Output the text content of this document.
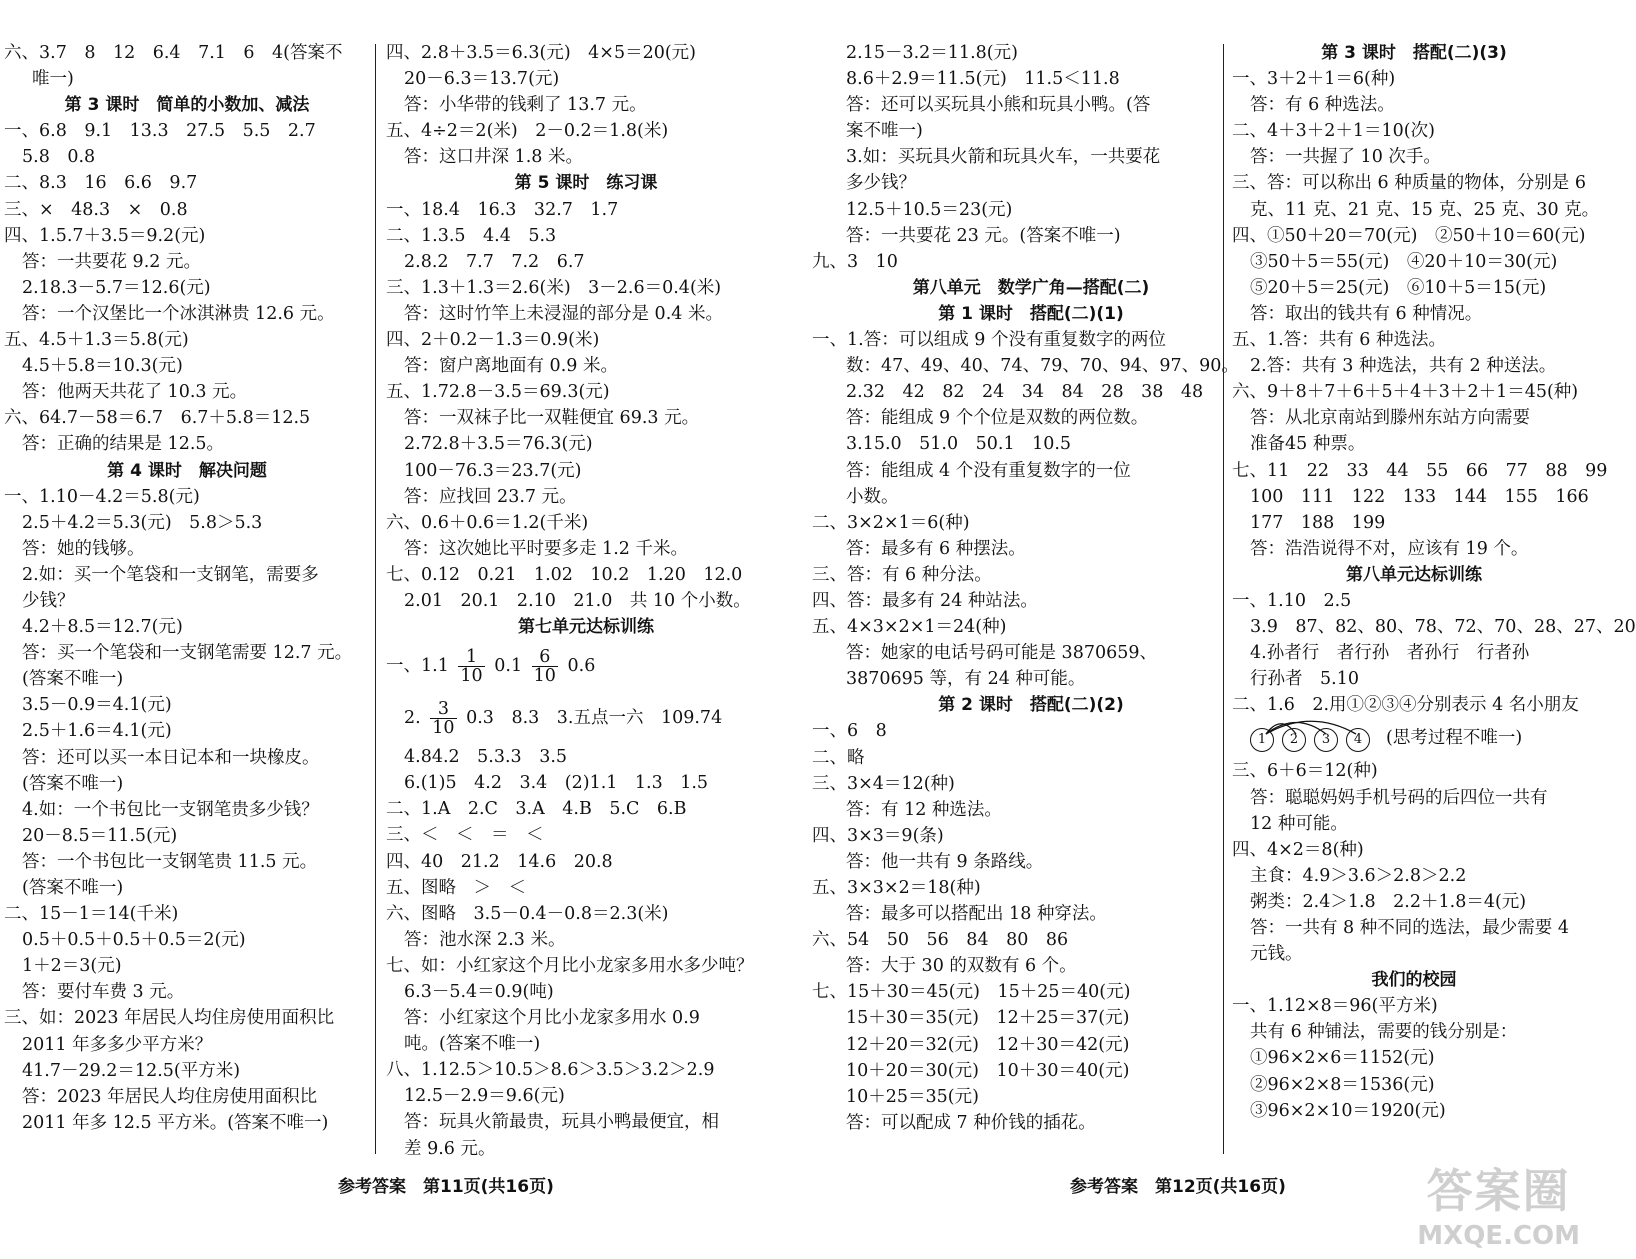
六、3.7　8　12　6.4　7.1　6　4(答案不
唯一)
第 3 课时　简单的小数加、减法
一、6.8　9.1　13.3　27.5　5.5　2.7
5.8　0.8
二、8.3　16　6.6　9.7
三、×　48.3　×　0.8
四、1.5.7＋3.5＝9.2(元)
答：一共要花 9.2 元。
2.18.3－5.7＝12.6(元)
答：一个汉堡比一个冰淇淋贵 12.6 元。
五、4.5＋1.3＝5.8(元)
4.5＋5.8＝10.3(元)
答：他两天共花了 10.3 元。
六、64.7－58＝6.7　6.7＋5.8＝12.5
答：正确的结果是 12.5。
第 4 课时　解决问题
一、1.10－4.2＝5.8(元)
2.5＋4.2＝5.3(元)　5.8＞5.3
答：她的钱够。
2.如：买一个笔袋和一支钢笔，需要多
少钱？
4.2＋8.5＝12.7(元)
答：买一个笔袋和一支钢笔需要 12.7 元。
(答案不唯一)
3.5－0.9＝4.1(元)
2.5＋1.6＝4.1(元)
答：还可以买一本日记本和一块橡皮。
(答案不唯一)
4.如：一个书包比一支钢笔贵多少钱？
20－8.5＝11.5(元)
答：一个书包比一支钢笔贵 11.5 元。
(答案不唯一)
二、15－1＝14(千米)
0.5＋0.5＋0.5＋0.5＝2(元)
1＋2＝3(元)
答：要付车费 3 元。
三、如：2023 年居民人均住房使用面积比
2011 年多多少平方米？
41.7－29.2＝12.5(平方米)
答：2023 年居民人均住房使用面积比
2011 年多 12.5 平方米。(答案不唯一)
四、2.8＋3.5＝6.3(元)　4×5＝20(元)
20－6.3＝13.7(元)
答：小华带的钱剩了 13.7 元。
五、4÷2＝2(米)　2－0.2＝1.8(米)
答：这口井深 1.8 米。
第 5 课时　练习课
一、18.4　16.3　32.7　1.7
二、1.3.5　4.4　5.3
2.8.2　7.7　7.2　6.7
三、1.3＋1.3＝2.6(米)　3－2.6＝0.4(米)
答：这时竹竿上未浸湿的部分是 0.4 米。
四、2＋0.2－1.3＝0.9(米)
答：窗户离地面有 0.9 米。
五、1.72.8－3.5＝69.3(元)
答：一双袜子比一双鞋便宜 69.3 元。
2.72.8＋3.5＝76.3(元)
100－76.3＝23.7(元)
答：应找回 23.7 元。
六、0.6＋0.6＝1.2(千米)
答：这次她比平时要多走 1.2 千米。
七、0.12　0.21　1.02　10.2　1.20　12.0
2.01　20.1　2.10　21.0　共 10 个小数。
第七单元达标训练
一、$1.1 \frac{1}{10} 0.1 \frac{6}{10} 0.6$
2. $\frac{3}{10} 0.3$　8.3　3.五点一六　109.74
4.84.2　5.3.3　3.5
6.(1)5　4.2　3.4　(2)1.1　1.3　1.5
二、1.A　2.C　3.A　4.B　5.C　6.B
三、＜　＜　＝　＜
四、40　21.2　14.6　20.8
五、图略　＞　＜
六、图略　3.5－0.4－0.8＝2.3(米)
答：池水深 2.3 米。
七、如：小红家这个月比小龙家多用水多少吨？
6.3－5.4＝0.9(吨)
答：小红家这个月比小龙家多用水 0.9
吨。(答案不唯一)
八、1.12.5＞10.5＞8.6＞3.5＞3.2＞2.9
12.5－2.9＝9.6(元)
答：玩具火箭最贵，玩具小鸭最便宜，相
差 9.6 元。
参考答案　第11页(共16页)
2.15－3.2＝11.8(元)
8.6＋2.9＝11.5(元)　11.5＜11.8
答：还可以买玩具小熊和玩具小鸭。(答
案不唯一)
3.如：买玩具火箭和玩具火车，一共要花
多少钱？
12.5＋10.5＝23(元)
答：一共要花 23 元。(答案不唯一)
九、3　10
第八单元　数学广角—搭配(二)
第 1 课时　搭配(二)(1)
一、1.答：可以组成 9 个没有重复数字的两位
数：47、49、40、74、79、70、94、97、90。
2.32　42　82　24　34　84　28　38　48
答：能组成 9 个个位是双数的两位数。
3.15.0　51.0　50.1　10.5
答：能组成 4 个没有重复数字的一位
小数。
二、3×2×1＝6(种)
答：最多有 6 种摆法。
三、答：有 6 种分法。
四、答：最多有 24 种站法。
五、4×3×2×1＝24(种)
答：她家的电话号码可能是 3870659、
3870695 等，有 24 种可能。
第 2 课时　搭配(二)(2)
一、6　8
二、略
三、3×4＝12(种)
答：有 12 种选法。
四、3×3＝9(条)
答：他一共有 9 条路线。
五、3×3×2＝18(种)
答：最多可以搭配出 18 种穿法。
六、54　50　56　84　80　86
答：大于 30 的双数有 6 个。
七、15＋30＝45(元)　15＋25＝40(元)
15＋30＝35(元)　12＋25＝37(元)
12＋20＝32(元)　12＋30＝42(元)
10＋20＝30(元)　10＋30＝40(元)
10＋25＝35(元)
答：可以配成 7 种价钱的插花。
第 3 课时　搭配(二)(3)
一、3＋2＋1＝6(种)
答：有 6 种选法。
二、4＋3＋2＋1＝10(次)
答：一共握了 10 次手。
三、答：可以称出 6 种质量的物体，分别是 6
克、11 克、21 克、15 克、25 克、30 克。
四、①50＋20＝70(元)　②50＋10＝60(元)
③50＋5＝55(元)　④20＋10＝30(元)
⑤20＋5＝25(元)　⑥10＋5＝15(元)
答：取出的钱共有 6 种情况。
五、1.答：共有 6 种选法。
2.答：共有 3 种选法，共有 2 种送法。
六、9＋8＋7＋6＋5＋4＋3＋2＋1＝45(种)
答：从北京南站到滕州东站方向需要
准备45 种票。
七、11　22　33　44　55　66　77　88　99
100　111　122　133　144　155　166
177　188　199
答：浩浩说得不对，应该有 19 个。
第八单元达标训练
一、1.10　2.5
3.9　87、82、80、78、72、70、28、27、20
4.孙者行　者行孙　者孙行　行者孙
行孙者　5.10
二、1.6　2.用①②③④分别表示 4 名小朋友
1	2	3	4	(思考过程不唯一)
三、6＋6＝12(种)
答：聪聪妈妈手机号码的后四位一共有
12 种可能。
四、4×2＝8(种)
主食：4.9＞3.6＞2.8＞2.2
粥类：2.4＞1.8　2.2＋1.8＝4(元)
答：一共有 8 种不同的选法，最少需要 4
元钱。
我们的校园
一、1.12×8＝96(平方米)
共有 6 种铺法，需要的钱分别是：
①96×2×6＝1152(元)
②96×2×8＝1536(元)
③96×2×10＝1920(元)
参考答案　第12页(共16页)	答案圈
MXQE.COM
